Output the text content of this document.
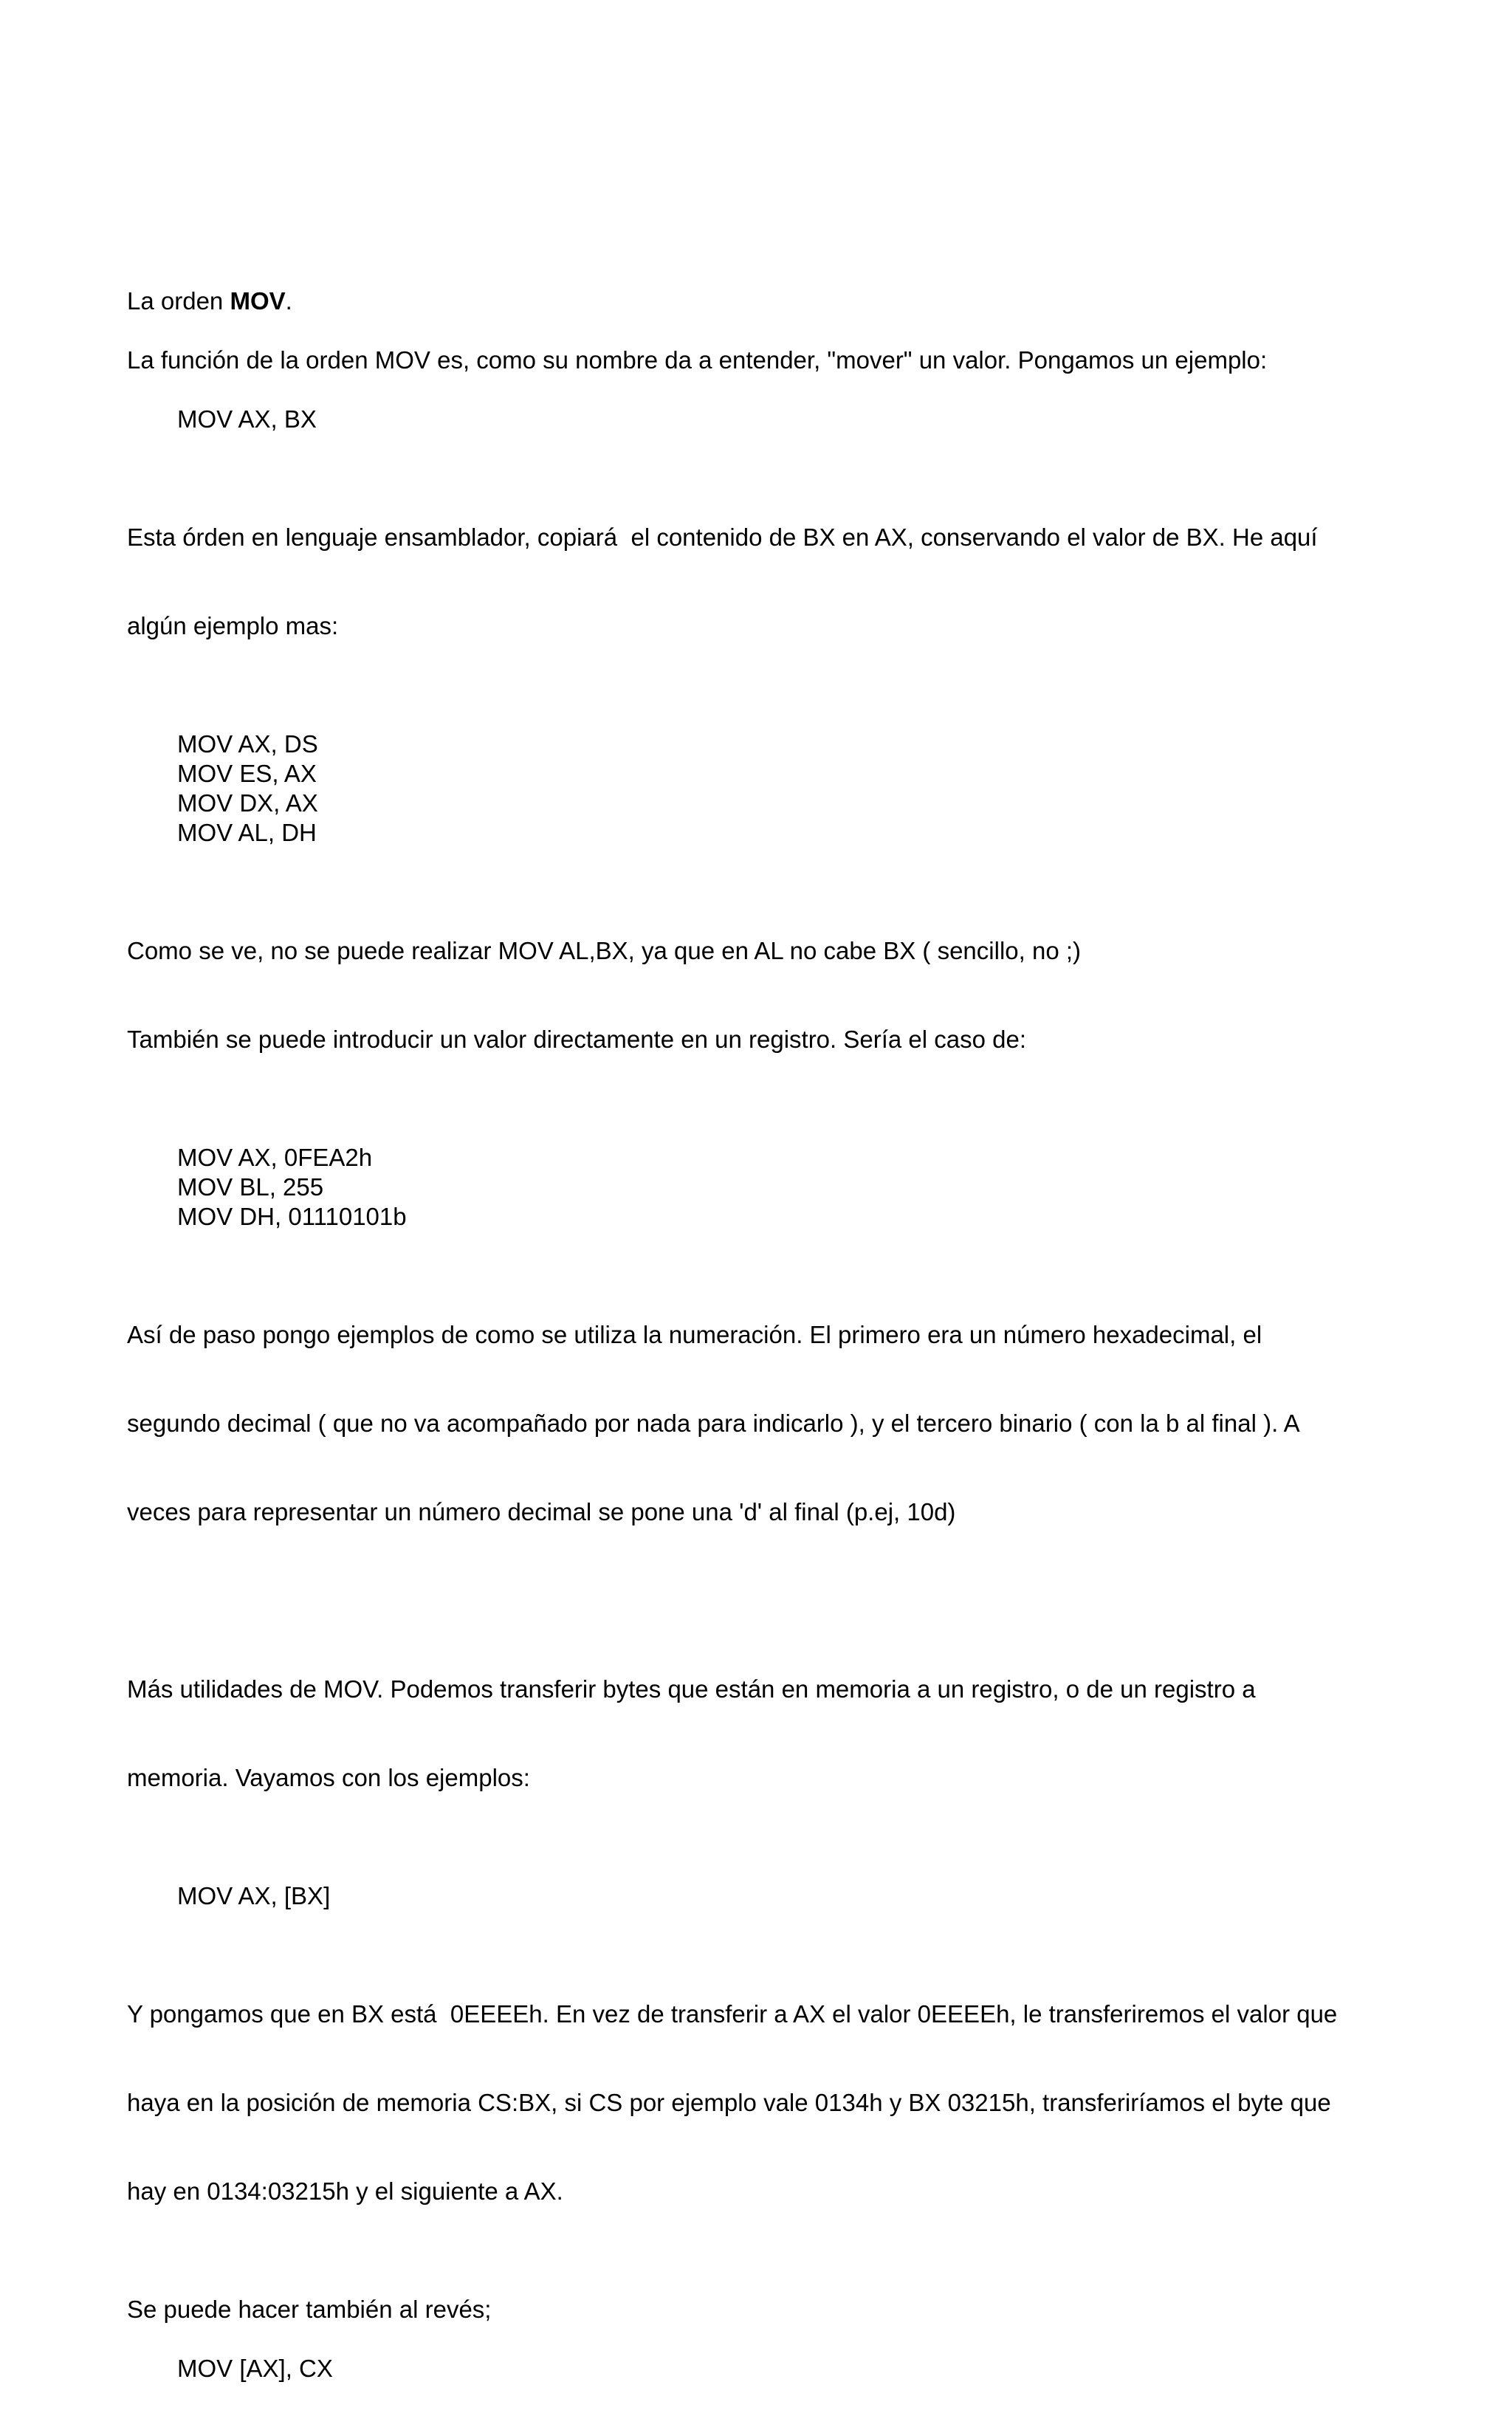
La orden MOV.
La función de la orden MOV es, como su nombre da a entender, "mover" un valor. Pongamos un ejemplo:
MOV AX, BX

Esta órden en lenguaje ensamblador, copiará  el contenido de BX en AX, conservando el valor de BX. He aquí

algún ejemplo mas:

MOV AX, DS
MOV ES, AX
MOV DX, AX
MOV AL, DH

Como se ve, no se puede realizar MOV AL,BX, ya que en AL no cabe BX ( sencillo, no ;)

También se puede introducir un valor directamente en un registro. Sería el caso de:

MOV AX, 0FEA2h
MOV BL, 255
MOV DH, 01110101b

Así de paso pongo ejemplos de como se utiliza la numeración. El primero era un número hexadecimal, el

segundo decimal ( que no va acompañado por nada para indicarlo ), y el tercero binario ( con la b al final ). A

veces para representar un número decimal se pone una 'd' al final (p.ej, 10d)

Más utilidades de MOV. Podemos transferir bytes que están en memoria a un registro, o de un registro a

memoria. Vayamos con los ejemplos:

MOV AX, [BX]

Y pongamos que en BX está  0EEEEh. En vez de transferir a AX el valor 0EEEEh, le transferiremos el valor que

haya en la posición de memoria CS:BX, si CS por ejemplo vale 0134h y BX 03215h, transferiríamos el byte que

hay en 0134:03215h y el siguiente a AX.

Se puede hacer también al revés;
MOV [AX], CX
